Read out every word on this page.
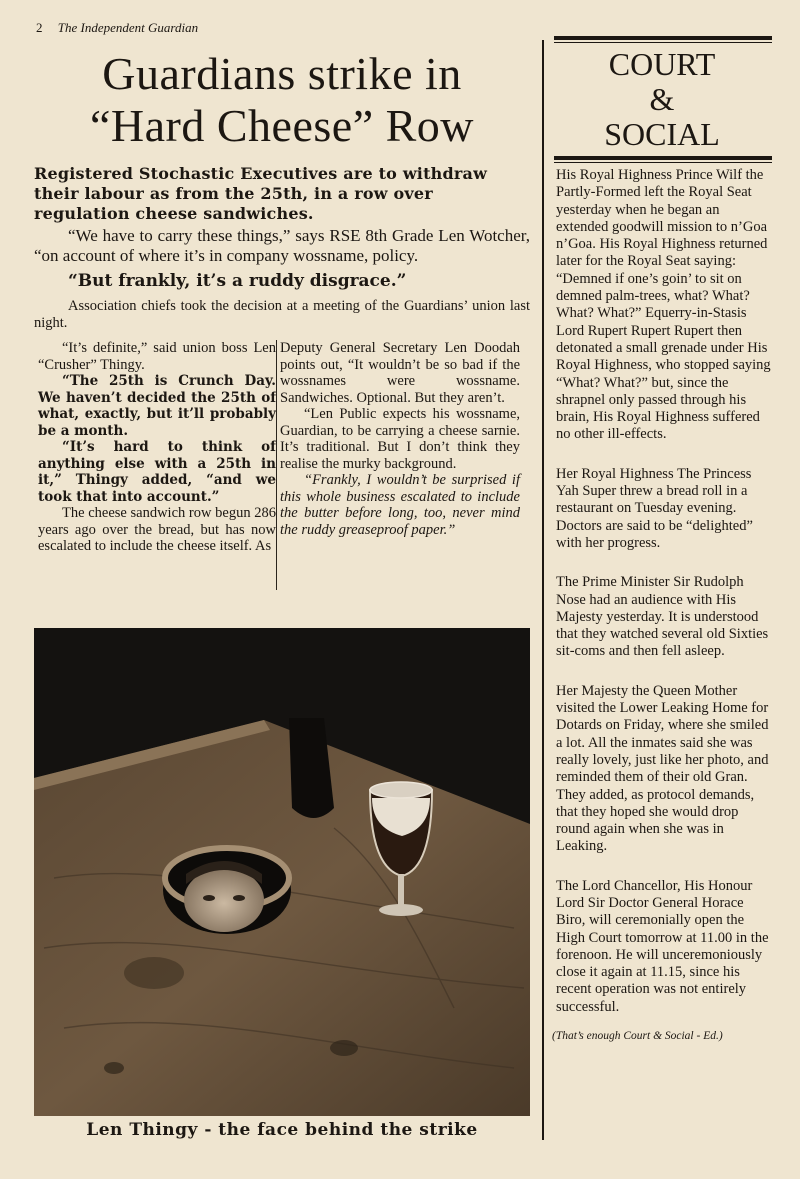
2 The Independent Guardian
Guardians strike in
“Hard Cheese” Row

Registered Stochastic Executives are to withdraw their labour as from the 25th, in a row over regulation cheese sandwiches.

“We have to carry these things,” says RSE 8th Grade Len Wotcher, “on account of where it’s in company wossname, policy.

“But frankly, it’s a ruddy disgrace.”

Association chiefs took the decision at a meeting of the Guardians’ union last night.

“It’s definite,” said union boss Len “Crusher” Thingy.

“The 25th is Crunch Day. We haven’t decided the 25th of what, exactly, but it’ll probably be a month.

“It’s hard to think of anything else with a 25th in it,” Thingy added, “and we took that into account.”

The cheese sandwich row begun 286 years ago over the bread, but has now escalated to include the cheese itself. As

Deputy General Secretary Len Doodah points out, “It wouldn’t be so bad if the wossnames were wossname. Sandwiches. Optional. But they aren’t.

“Len Public expects his wossname, Guardian, to be carrying a cheese sarnie. It’s traditional. But I don’t think they realise the murky background.

“Frankly, I wouldn’t be surprised if this whole business escalated to include the butter before long, too, never mind the ruddy greaseproof paper.”

Len Thingy - the face behind the strike
COURT
&
SOCIAL

His Royal Highness Prince Wilf the Partly-Formed left the Royal Seat yesterday when he began an extended goodwill mission to n’Goa n’Goa. His Royal Highness returned later for the Royal Seat saying: “Demned if one’s goin’ to sit on demned palm-trees, what? What? What? What?” Equerry-in-Stasis Lord Rupert Rupert Rupert then detonated a small grenade under His Royal Highness, who stopped saying “What? What?” but, since the shrapnel only passed through his brain, His Royal Highness suffered no other ill-effects.

Her Royal Highness The Princess Yah Super threw a bread roll in a restaurant on Tuesday evening. Doctors are said to be “delighted” with her progress.

The Prime Minister Sir Rudolph Nose had an audience with His Majesty yesterday. It is understood that they watched several old Sixties sit-coms and then fell asleep.

Her Majesty the Queen Mother visited the Lower Leaking Home for Dotards on Friday, where she smiled a lot. All the inmates said she was really lovely, just like her photo, and reminded them of their old Gran. They added, as protocol demands, that they hoped she would drop round again when she was in Leaking.

The Lord Chancellor, His Honour Lord Sir Doctor General Horace Biro, will ceremonially open the High Court tomorrow at 11.00 in the forenoon. He will unceremoniously close it again at 11.15, since his recent operation was not entirely successful.

(That’s enough Court & Social - Ed.)
